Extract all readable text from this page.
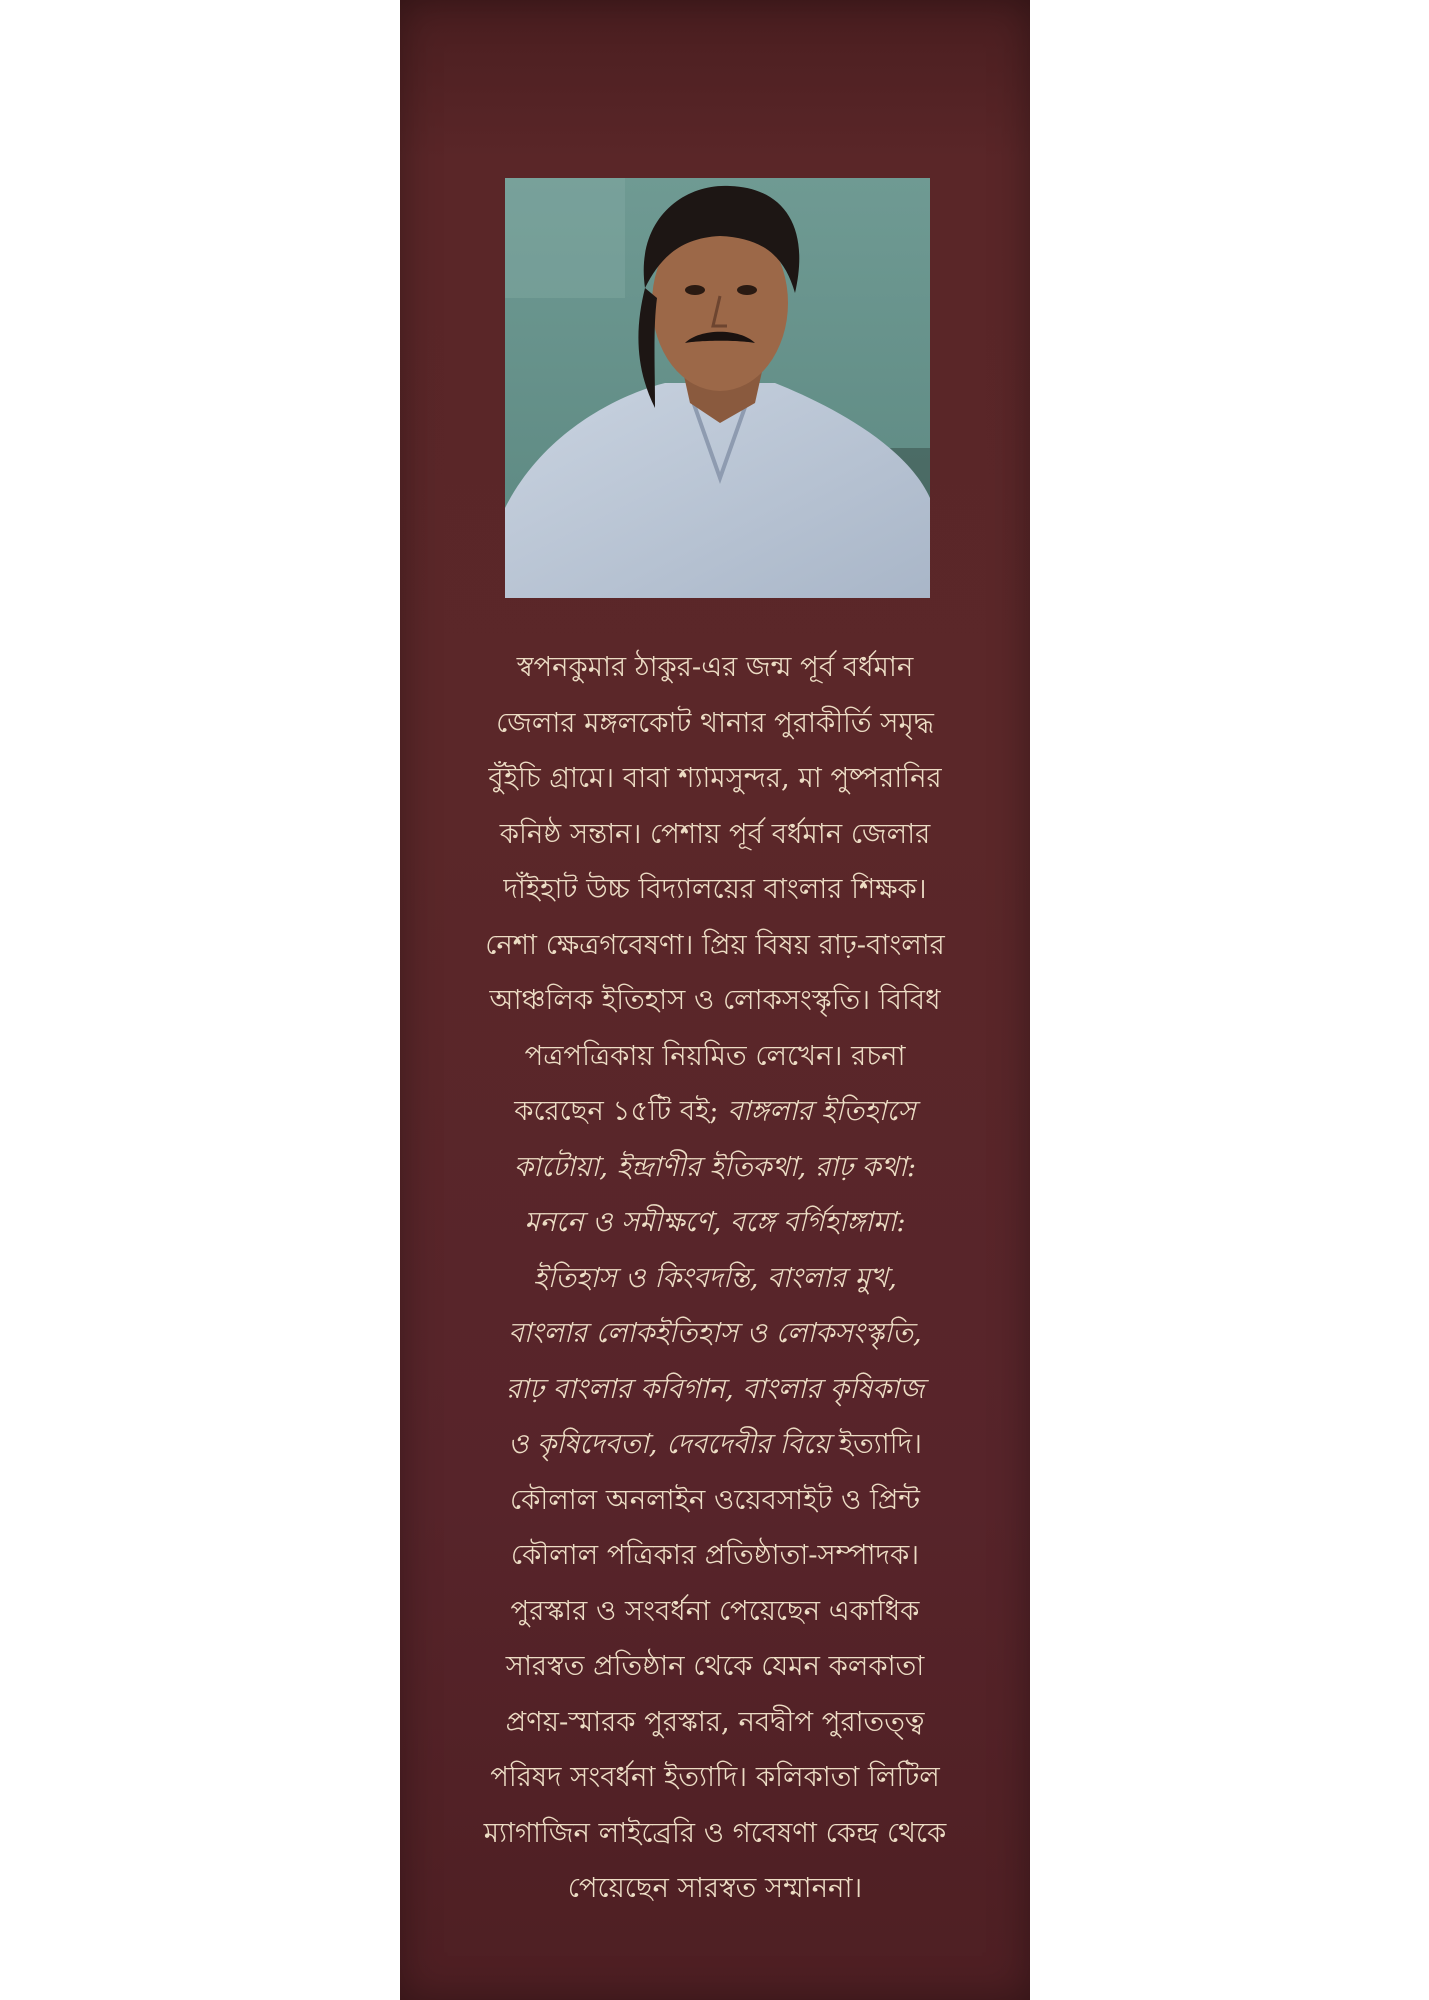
স্বপনকুমার ঠাকুর-এর জন্ম পূর্ব বর্ধমান
জেলার মঙ্গলকোট থানার পুরাকীর্তি সমৃদ্ধ
বুঁইচি গ্রামে। বাবা শ্যামসুন্দর, মা পুষ্পরানির
কনিষ্ঠ সন্তান। পেশায় পূর্ব বর্ধমান জেলার
দাঁইহাট উচ্চ বিদ্যালয়ের বাংলার শিক্ষক।
নেশা ক্ষেত্রগবেষণা। প্রিয় বিষয় রাঢ়-বাংলার
আঞ্চলিক ইতিহাস ও লোকসংস্কৃতি। বিবিধ
পত্রপত্রিকায় নিয়মিত লেখেন। রচনা
করেছেন ১৫টি বই; বাঙ্গলার ইতিহাসে
কাটোয়া, ইন্দ্রাণীর ইতিকথা, রাঢ় কথা:
মননে ও সমীক্ষণে, বঙ্গে বর্গিহাঙ্গামা:
ইতিহাস ও কিংবদন্তি, বাংলার মুখ,
বাংলার লোকইতিহাস ও লোকসংস্কৃতি,
রাঢ় বাংলার কবিগান, বাংলার কৃষিকাজ
ও কৃষিদেবতা, দেবদেবীর বিয়ে ইত্যাদি।
কৌলাল অনলাইন ওয়েবসাইট ও প্রিন্ট
কৌলাল পত্রিকার প্রতিষ্ঠাতা-সম্পাদক।
পুরস্কার ও সংবর্ধনা পেয়েছেন একাধিক
সারস্বত প্রতিষ্ঠান থেকে যেমন কলকাতা
প্রণয়-স্মারক পুরস্কার, নবদ্বীপ পুরাতত্ত্ব
পরিষদ সংবর্ধনা ইত্যাদি। কলিকাতা লিটিল
ম্যাগাজিন লাইব্রেরি ও গবেষণা কেন্দ্র থেকে
পেয়েছেন সারস্বত সম্মাননা।
